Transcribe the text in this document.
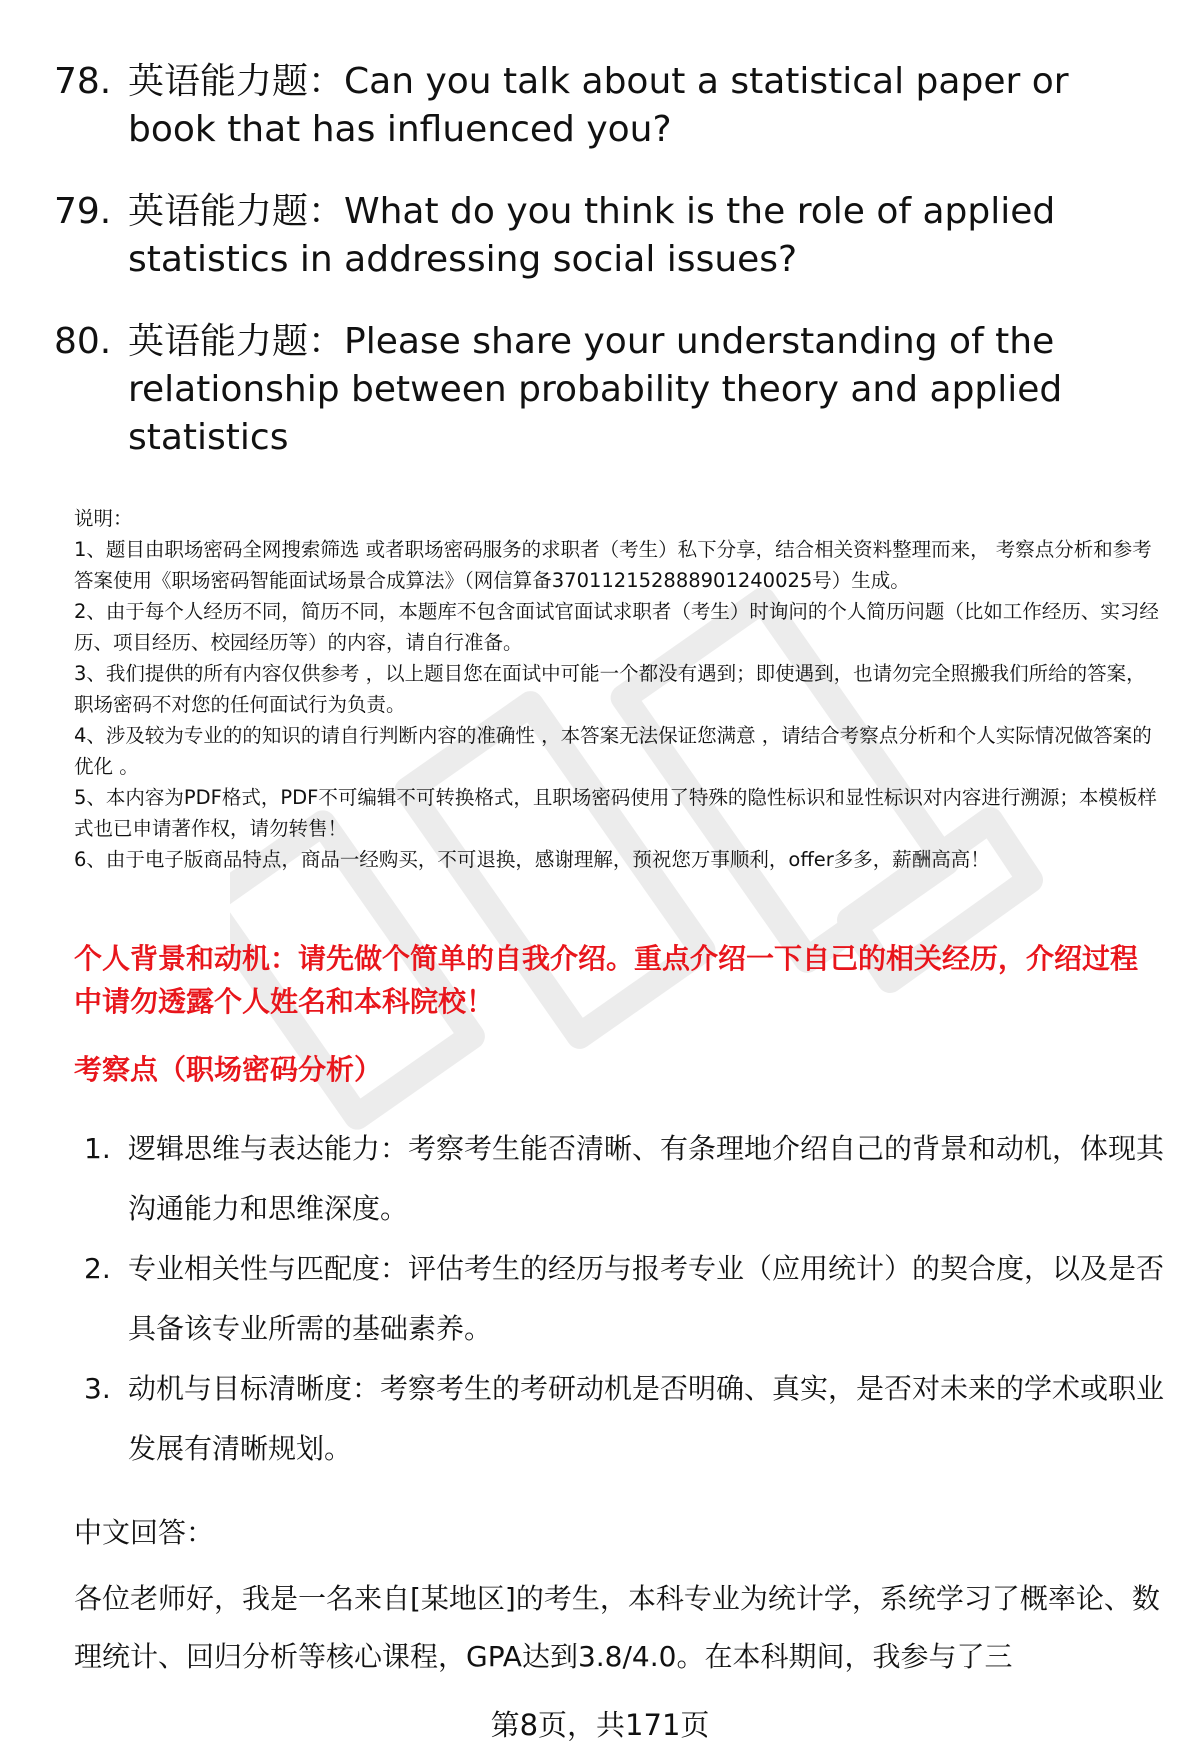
78. 英语能力题：Can you talk about a statistical paper or book that has influenced you?
79. 英语能力题：What do you think is the role of applied statistics in addressing social issues?
80. 英语能力题：Please share your understanding of the relationship between probability theory and applied statistics

说明：

1、题目由职场密码全网搜索筛选 或者职场密码服务的求职者（考生）私下分享，结合相关资料整理而来， 考察点分析和参考答案使用《职场密码智能面试场景合成算法》（网信算备370112152888901240025号）生成。

2、由于每个人经历不同，简历不同，本题库不包含面试官面试求职者（考生）时询问的个人简历问题（比如工作经历、实习经历、项目经历、校园经历等）的内容，请自行准备。

3、我们提供的所有内容仅供参考 ，以上题目您在面试中可能一个都没有遇到；即使遇到，也请勿完全照搬我们所给的答案，职场密码不对您的任何面试行为负责。

4、涉及较为专业的的知识的请自行判断内容的准确性 ，本答案无法保证您满意 ，请结合考察点分析和个人实际情况做答案的优化 。

5、本内容为PDF格式，PDF不可编辑不可转换格式，且职场密码使用了特殊的隐性标识和显性标识对内容进行溯源；本模板样式也已申请著作权，请勿转售！

6、由于电子版商品特点，商品一经购买，不可退换，感谢理解，预祝您万事顺利，offer多多，薪酬高高！

个人背景和动机：请先做个简单的自我介绍。重点介绍一下自己的相关经历，介绍过程中请勿透露个人姓名和本科院校！
考察点（职场密码分析）
1. 逻辑思维与表达能力：考察考生能否清晰、有条理地介绍自己的背景和动机，体现其沟通能力和思维深度。
2. 专业相关性与匹配度：评估考生的经历与报考专业（应用统计）的契合度，以及是否具备该专业所需的基础素养。
3. 动机与目标清晰度：考察考生的考研动机是否明确、真实，是否对未来的学术或职业发展有清晰规划。
中文回答：
各位老师好，我是一名来自[某地区]的考生，本科专业为统计学，系统学习了概率论、数理统计、回归分析等核心课程，GPA达到3.8/4.0。在本科期间，我参与了三
第8页，共171页
